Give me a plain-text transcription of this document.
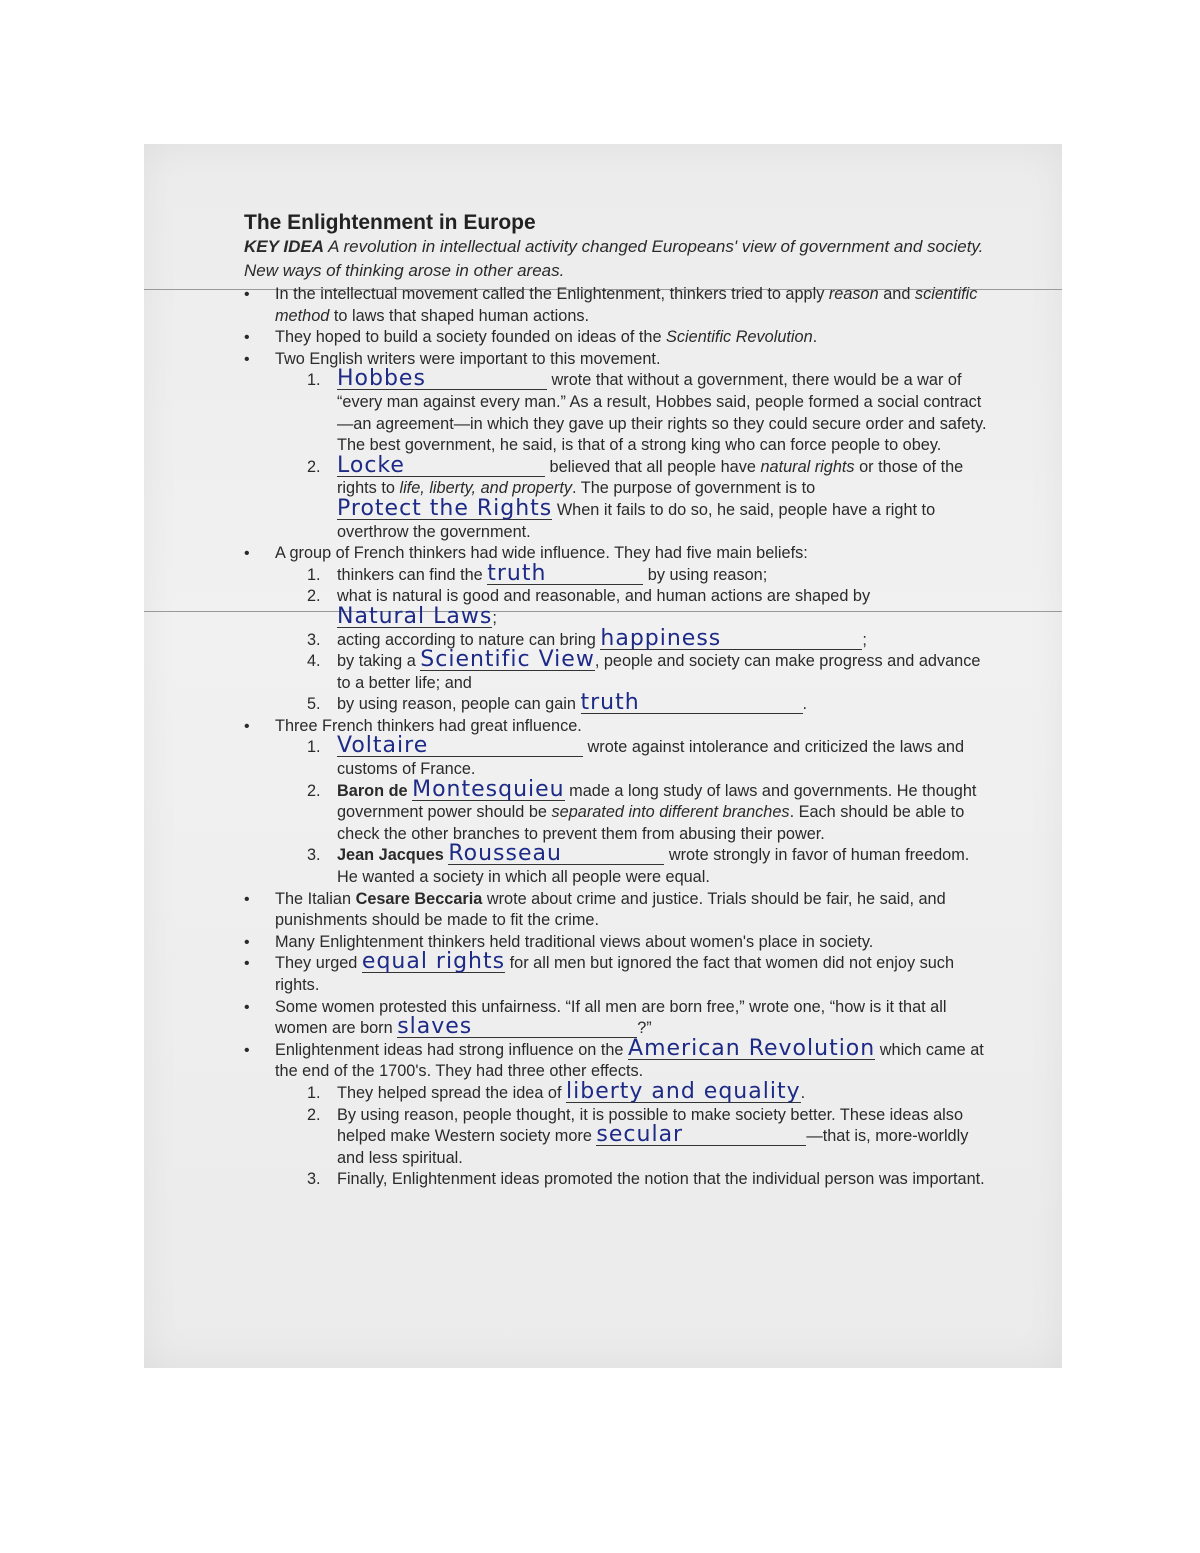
The Enlightenment in Europe

KEY IDEA A revolution in intellectual activity changed Europeans' view of government and society.

New ways of thinking arose in other areas.

• In the intellectual movement called the Enlightenment, thinkers tried to apply reason and scientific method to laws that shaped human actions.
• They hoped to build a society founded on ideas of the Scientific Revolution.
• Two English writers were important to this movement.
1. Hobbes	wrote that without a government, there would be a war of “every man against every man.” As a result, Hobbes said, people formed a social contract—an agreement—in which they gave up their rights so they could secure order and safety. The best government, he said, is that of a strong king who can force people to obey.
2. Locke	believed that all people have natural rights or those of the rights to life, liberty, and property. The purpose of government is to Protect the Rights When it fails to do so, he said, people have a right to overthrow the government.
• A group of French thinkers had wide influence. They had five main beliefs:
1. thinkers can find the truth	by using reason;
2. what is natural is good and reasonable, and human actions are shaped by Natural Laws;
3. acting according to nature can bring happiness	;
4. by taking a Scientific View, people and society can make progress and advance to a better life; and
5. by using reason, people can gain truth	.
• Three French thinkers had great influence.
1. Voltaire	wrote against intolerance and criticized the laws and customs of France.
2. Baron de Montesquieu made a long study of laws and governments. He thought government power should be separated into different branches. Each should be able to check the other branches to prevent them from abusing their power.
3. Jean Jacques Rousseau	wrote strongly in favor of human freedom. He wanted a society in which all people were equal.
• The Italian Cesare Beccaria wrote about crime and justice. Trials should be fair, he said, and punishments should be made to fit the crime.
• Many Enlightenment thinkers held traditional views about women's place in society.
• They urged equal rights for all men but ignored the fact that women did not enjoy such rights.
• Some women protested this unfairness. “If all men are born free,” wrote one, “how is it that all women are born slaves	?”
• Enlightenment ideas had strong influence on the American Revolution which came at the end of the 1700's. They had three other effects.
1. They helped spread the idea of liberty and equality.
2. By using reason, people thought, it is possible to make society better. These ideas also helped make Western society more secular	—that is, more-worldly and less spiritual.
3. Finally, Enlightenment ideas promoted the notion that the individual person was important.
